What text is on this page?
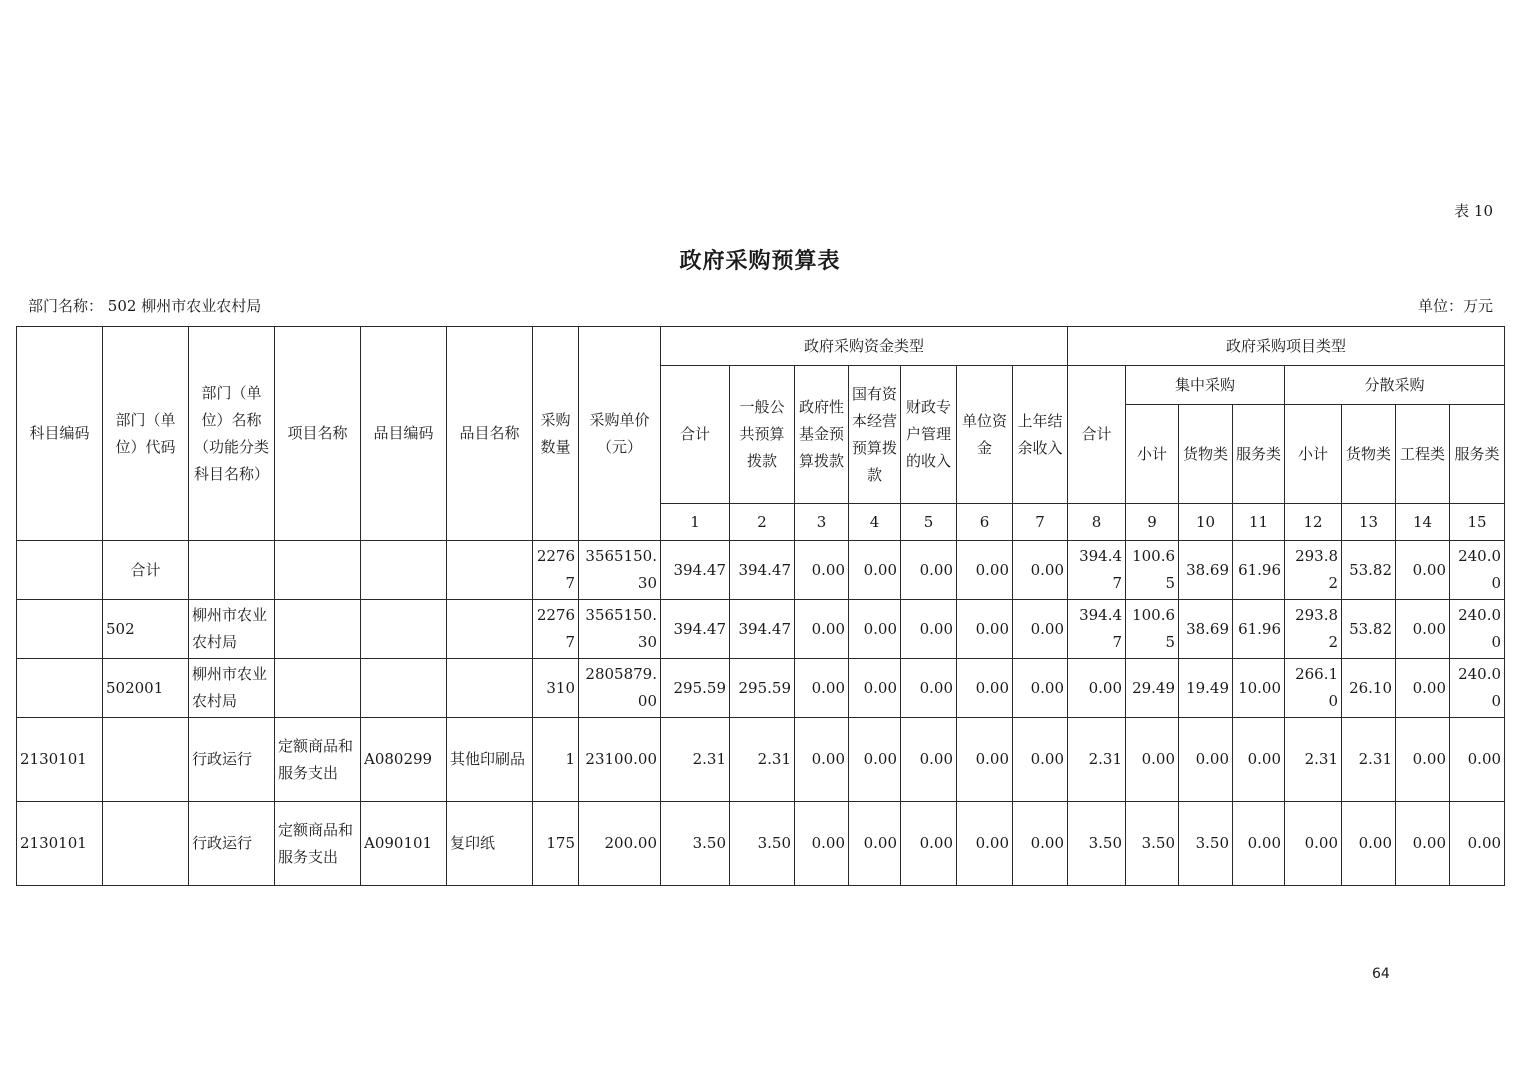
表 10
政府采购预算表
部门名称： 502 柳州市农业农村局	单位：万元
科目编码	部门（单位）代码	部门（单位）名称（功能分类科目名称）	项目名称	品目编码	品目名称	采购数量	采购单价（元）	政府采购资金类型							政府采购项目类型							
								合计	一般公共预算拨款	政府性基金预算拨款	国有资本经营预算拨款	财政专户管理的收入	单位资金	上年结余收入	合计	集中采购			分散采购			
																小计	货物类	服务类	小计	货物类	工程类	服务类
								1	2	3	4	5	6	7	8	9	10	11	12	13	14	15
	合计					22767	3565150.30	394.47	394.47	0.00	0.00	0.00	0.00	0.00	394.47	100.65	38.69	61.96	293.82	53.82	0.00	240.00
	502	柳州市农业农村局				22767	3565150.30	394.47	394.47	0.00	0.00	0.00	0.00	0.00	394.47	100.65	38.69	61.96	293.82	53.82	0.00	240.00
	502001	柳州市农业农村局				310	2805879.00	295.59	295.59	0.00	0.00	0.00	0.00	0.00	0.00	29.49	19.49	10.00	266.10	26.10	0.00	240.00
2130101		行政运行	定额商品和服务支出	A080299	其他印刷品	1	23100.00	2.31	2.31	0.00	0.00	0.00	0.00	0.00	2.31	0.00	0.00	0.00	2.31	2.31	0.00	0.00
2130101		行政运行	定额商品和服务支出	A090101	复印纸	175	200.00	3.50	3.50	0.00	0.00	0.00	0.00	0.00	3.50	3.50	3.50	0.00	0.00	0.00	0.00	0.00
64
